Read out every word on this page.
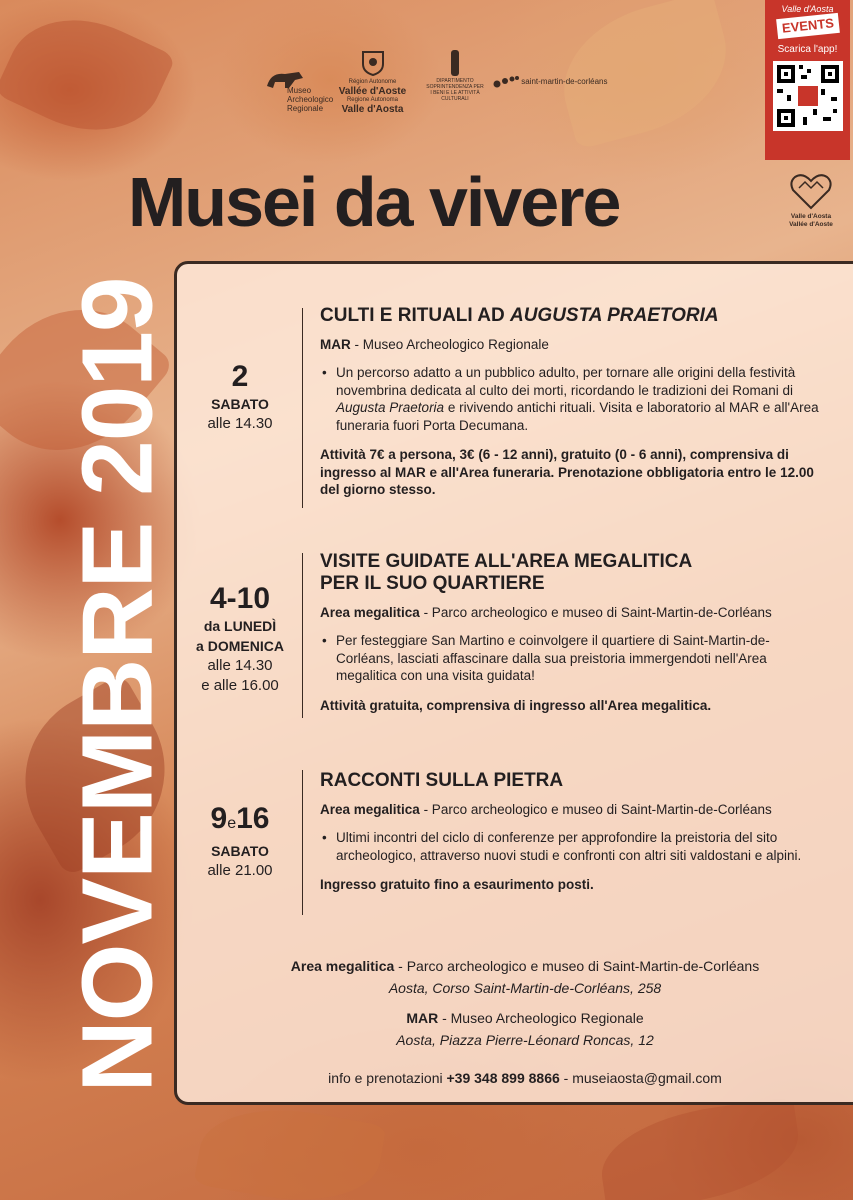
Museo
Archeologico
Regionale
Région Autonome
Vallée d'Aoste
Regione Autonoma
Valle d'Aosta
DIPARTIMENTO SOPRINTENDENZA PER I BENI E LE ATTIVITÀ CULTURALI
saint-martin-de-corléans
Valle d'Aosta
EVENTS
Scarica l'app!
Valle d'Aosta
Vallée d'Aoste
Musei da vivere
NOVEMBRE 2019	2
SABATO
alle 14.30
CULTI E RITUALI AD AUGUSTA PRAETORIA
MAR - Museo Archeologico Regionale
• Un percorso adatto a un pubblico adulto, per tornare alle origini della festività novembrina dedicata al culto dei morti, ricordando le tradizioni dei Romani di Augusta Praetoria e rivivendo antichi rituali. Visita e laboratorio al MAR e all'Area funeraria fuori Porta Decumana.
Attività 7€ a persona, 3€ (6 - 12 anni), gratuito (0 - 6 anni), comprensiva di ingresso al MAR e all'Area funeraria. Prenotazione obbligatoria entro le 12.00 del giorno stesso.
4-10
da LUNEDÌ
a DOMENICA
alle 14.30
e alle 16.00
VISITE GUIDATE ALL'AREA MEGALITICA
PER IL SUO QUARTIERE
Area megalitica - Parco archeologico e museo di Saint-Martin-de-Corléans
• Per festeggiare San Martino e coinvolgere il quartiere di Saint-Martin-de-Corléans, lasciati affascinare dalla sua preistoria immergendoti nell'Area megalitica con una visita guidata!
Attività gratuita, comprensiva di ingresso all'Area megalitica.
9e16
SABATO
alle 21.00
RACCONTI SULLA PIETRA
Area megalitica - Parco archeologico e museo di Saint-Martin-de-Corléans
• Ultimi incontri del ciclo di conferenze per approfondire la preistoria del sito archeologico, attraverso nuovi studi e confronti con altri siti valdostani e alpini.
Ingresso gratuito fino a esaurimento posti.
Area megalitica - Parco archeologico e museo di Saint-Martin-de-Corléans
Aosta, Corso Saint-Martin-de-Corléans, 258
MAR - Museo Archeologico Regionale
Aosta, Piazza Pierre-Léonard Roncas, 12
info e prenotazioni +39 348 899 8866 - museiaosta@gmail.com
